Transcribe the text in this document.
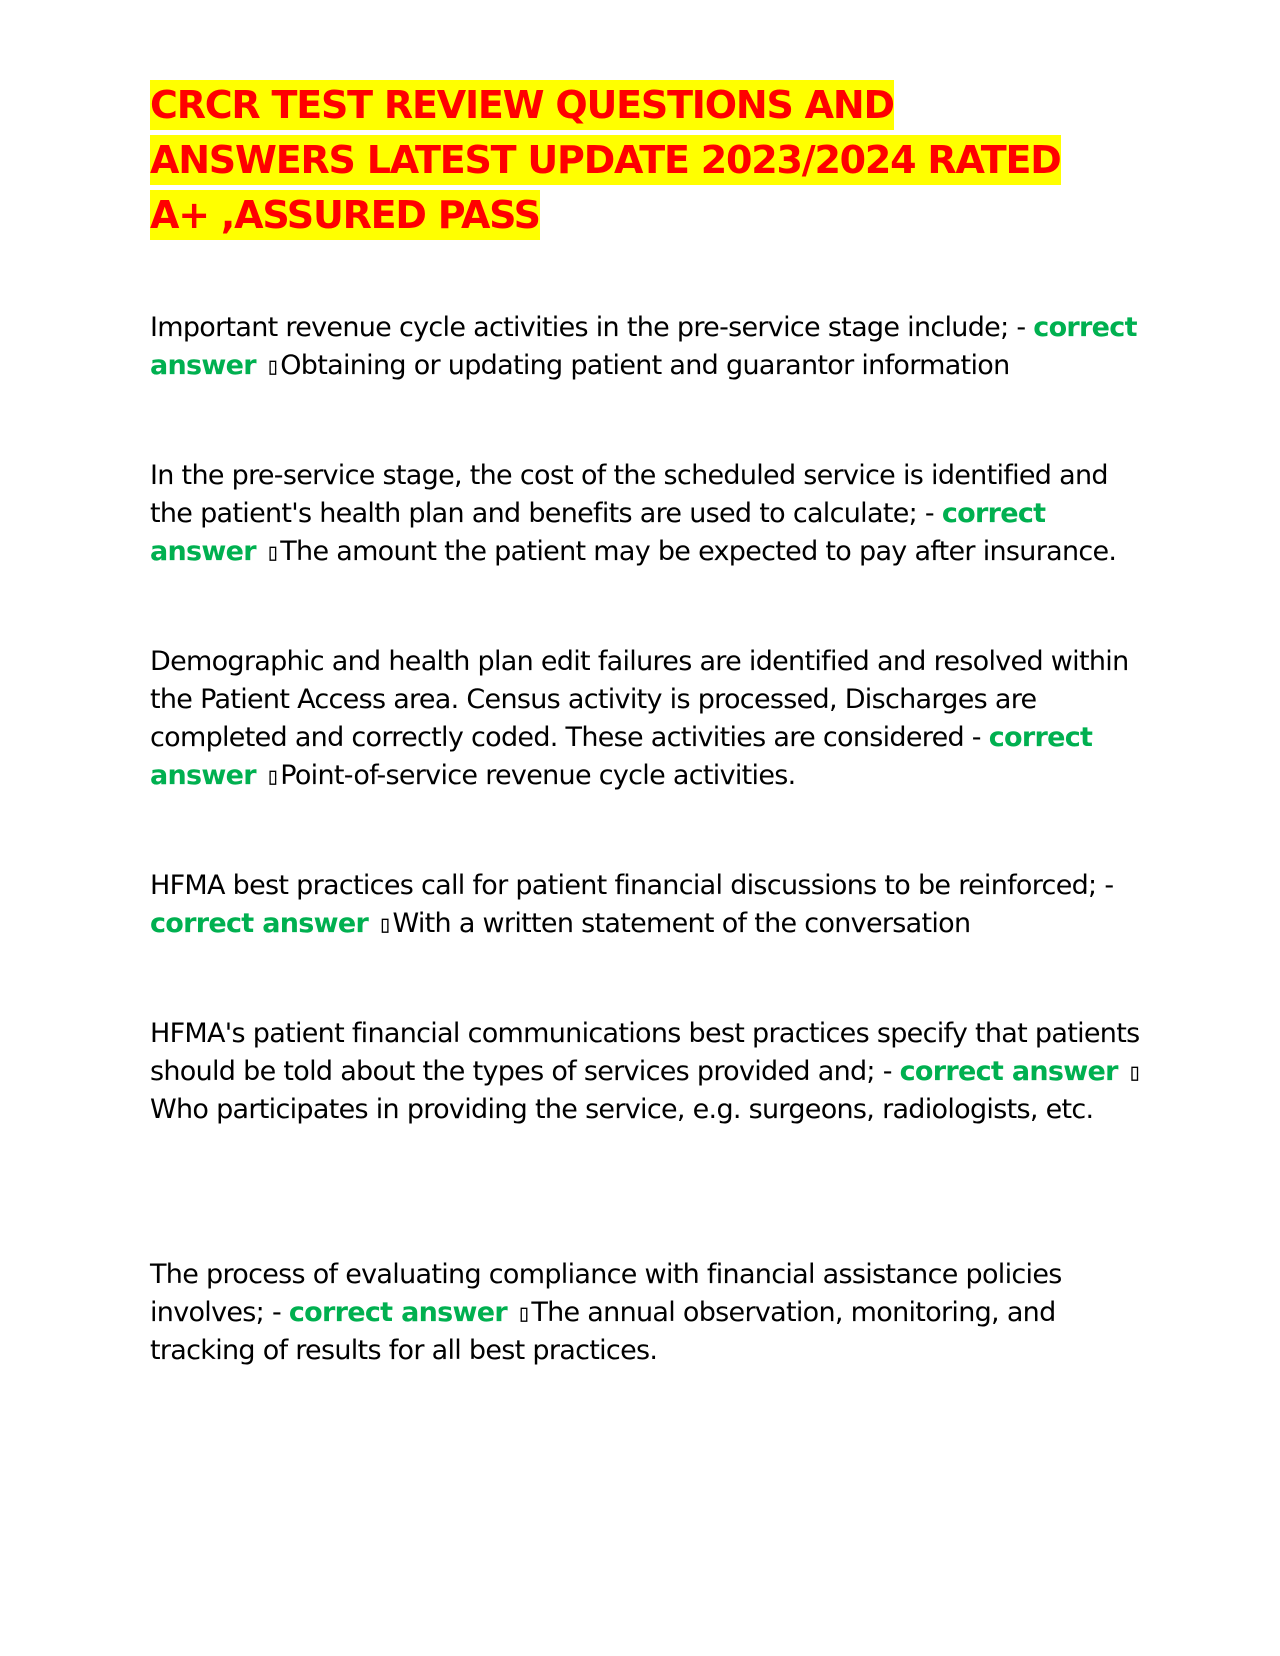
CRCR TEST REVIEW QUESTIONS AND ANSWERS LATEST UPDATE 2023/2024 RATED A+ ,ASSURED PASS

Important revenue cycle activities in the pre-service stage include; - correct answer ▯Obtaining or updating patient and guarantor information

In the pre-service stage, the cost of the scheduled service is identified and the patient's health plan and benefits are used to calculate; - correct answer ▯The amount the patient may be expected to pay after insurance.

Demographic and health plan edit failures are identified and resolved within the Patient Access area. Census activity is processed, Discharges are completed and correctly coded. These activities are considered - correct answer ▯Point-of-service revenue cycle activities.

HFMA best practices call for patient financial discussions to be reinforced; - correct answer ▯With a written statement of the conversation

HFMA's patient financial communications best practices specify that patients should be told about the types of services provided and; - correct answer ▯Who participates in providing the service, e.g. surgeons, radiologists, etc.

The process of evaluating compliance with financial assistance policies involves; - correct answer ▯The annual observation, monitoring, and tracking of results for all best practices.
